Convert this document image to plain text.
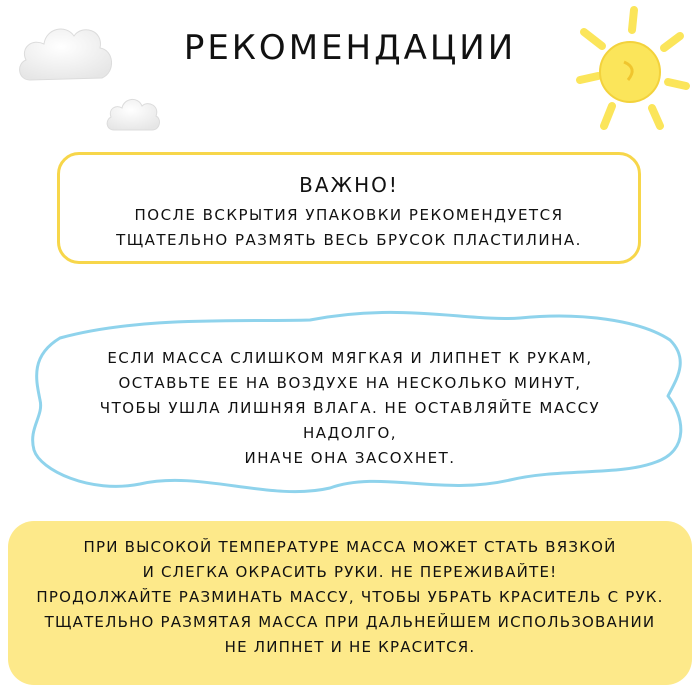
РЕКОМЕНДАЦИИ
ВАЖНО!
ПОСЛЕ ВСКРЫТИЯ УПАКОВКИ РЕКОМЕНДУЕТСЯ
ТЩАТЕЛЬНО РАЗМЯТЬ ВЕСЬ БРУСОК ПЛАСТИЛИНА.
ЕСЛИ МАССА СЛИШКОМ МЯГКАЯ И ЛИПНЕТ К РУКАМ,
ОСТАВЬТЕ ЕЕ НА ВОЗДУХЕ НА НЕСКОЛЬКО МИНУТ,
ЧТОБЫ УШЛА ЛИШНЯЯ ВЛАГА. НЕ ОСТАВЛЯЙТЕ МАССУ НАДОЛГО,
ИНАЧЕ ОНА ЗАСОХНЕТ.
ПРИ ВЫСОКОЙ ТЕМПЕРАТУРЕ МАССА МОЖЕТ СТАТЬ ВЯЗКОЙ
И СЛЕГКА ОКРАСИТЬ РУКИ. НЕ ПЕРЕЖИВАЙТЕ!
ПРОДОЛЖАЙТЕ РАЗМИНАТЬ МАССУ, ЧТОБЫ УБРАТЬ КРАСИТЕЛЬ С РУК.
ТЩАТЕЛЬНО РАЗМЯТАЯ МАССА ПРИ ДАЛЬНЕЙШЕМ ИСПОЛЬЗОВАНИИ
НЕ ЛИПНЕТ И НЕ КРАСИТСЯ.
